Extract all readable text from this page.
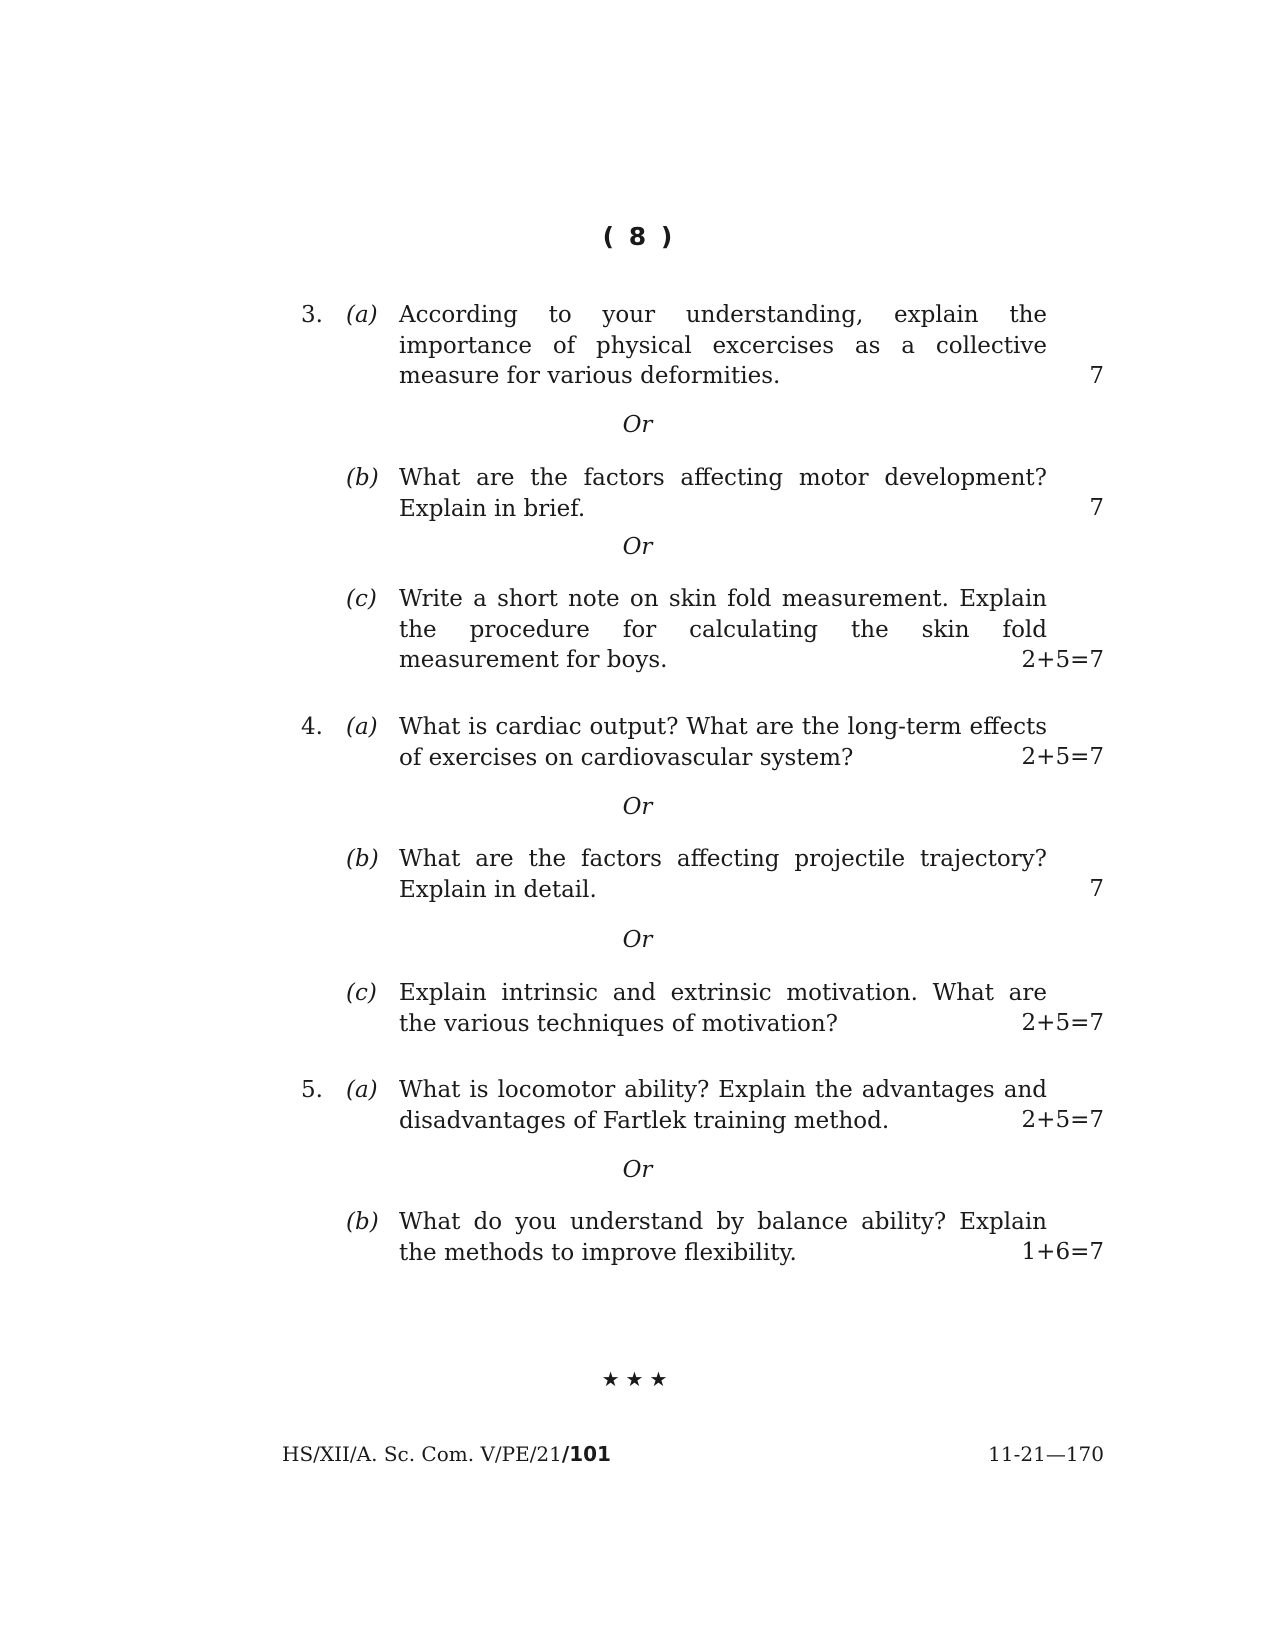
( 8 )
3. (a) According to your understanding, explain the importance of physical excercises as a collective measure for various deformities.	7
Or
(b) What are the factors affecting motor development? Explain in brief.	7
Or
(c) Write a short note on skin fold measurement. Explain the procedure for calculating the skin fold measurement for boys.	2+5=7
4. (a) What is cardiac output? What are the long-term effects of exercises on cardiovascular system?	2+5=7
Or
(b) What are the factors affecting projectile trajectory? Explain in detail.	7
Or
(c) Explain intrinsic and extrinsic motivation. What are the various techniques of motivation?	2+5=7
5. (a) What is locomotor ability? Explain the advantages and disadvantages of Fartlek training method.	2+5=7
Or
(b) What do you understand by balance ability? Explain the methods to improve flexibility.	1+6=7
★★★
HS/XII/A. Sc. Com. V/PE/21/101	11-21—170
